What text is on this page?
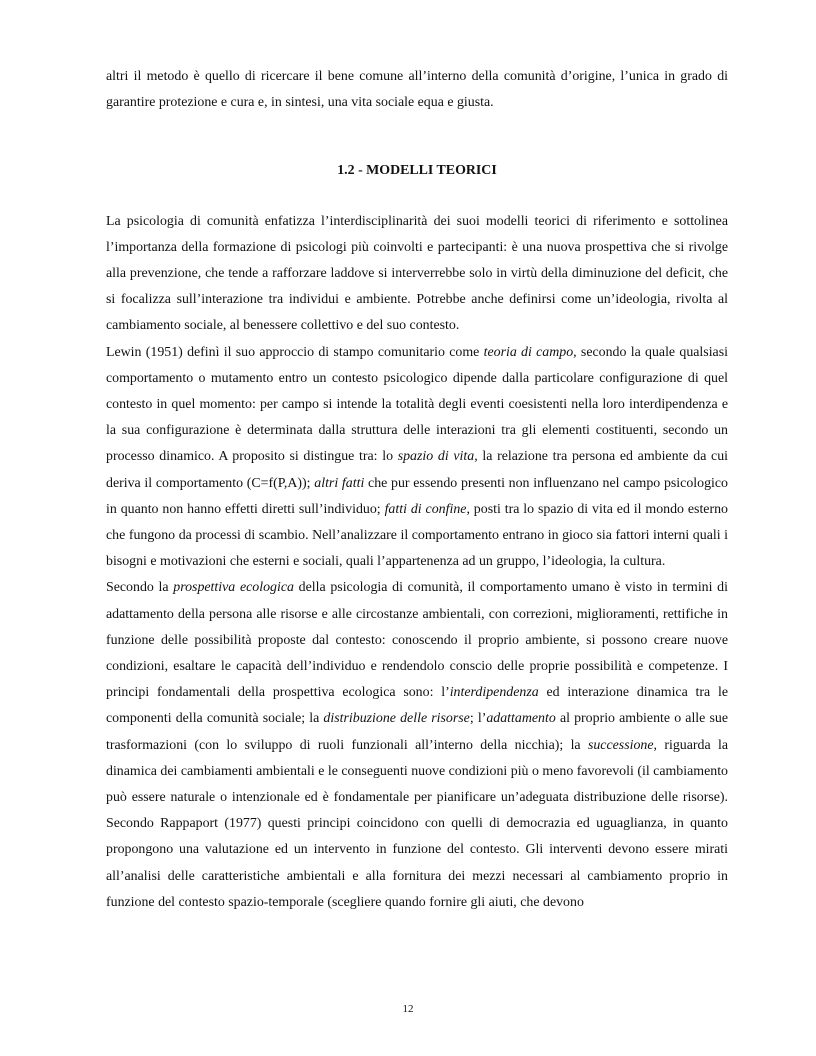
altri il metodo è quello di ricercare il bene comune all’interno della comunità d’origine, l’unica in grado di garantire protezione e cura e, in sintesi, una vita sociale equa e giusta.

1.2 - MODELLI TEORICI

La psicologia di comunità enfatizza l’interdisciplinarità dei suoi modelli teorici di riferimento e sottolinea l’importanza della formazione di psicologi più coinvolti e partecipanti: è una nuova prospettiva che si rivolge alla prevenzione, che tende a rafforzare laddove si interverrebbe solo in virtù della diminuzione del deficit, che si focalizza sull’interazione tra individui e ambiente. Potrebbe anche definirsi come un’ideologia, rivolta al cambiamento sociale, al benessere collettivo e del suo contesto.

Lewin (1951) definì il suo approccio di stampo comunitario come teoria di campo, secondo la quale qualsiasi comportamento o mutamento entro un contesto psicologico dipende dalla particolare configurazione di quel contesto in quel momento: per campo si intende la totalità degli eventi coesistenti nella loro interdipendenza e la sua configurazione è determinata dalla struttura delle interazioni tra gli elementi costituenti, secondo un processo dinamico. A proposito si distingue tra: lo spazio di vita, la relazione tra persona ed ambiente da cui deriva il comportamento (C=f(P,A)); altri fatti che pur essendo presenti non influenzano nel campo psicologico in quanto non hanno effetti diretti sull’individuo; fatti di confine, posti tra lo spazio di vita ed il mondo esterno che fungono da processi di scambio. Nell’analizzare il comportamento entrano in gioco sia fattori interni quali i bisogni e motivazioni che esterni e sociali, quali l’appartenenza ad un gruppo, l’ideologia, la cultura.

Secondo la prospettiva ecologica della psicologia di comunità, il comportamento umano è visto in termini di adattamento della persona alle risorse e alle circostanze ambientali, con correzioni, miglioramenti, rettifiche in funzione delle possibilità proposte dal contesto: conoscendo il proprio ambiente, si possono creare nuove condizioni, esaltare le capacità dell’individuo e rendendolo conscio delle proprie possibilità e competenze. I principi fondamentali della prospettiva ecologica sono: l’interdipendenza ed interazione dinamica tra le componenti della comunità sociale; la distribuzione delle risorse; l’adattamento al proprio ambiente o alle sue trasformazioni (con lo sviluppo di ruoli funzionali all’interno della nicchia); la successione, riguarda la dinamica dei cambiamenti ambientali e le conseguenti nuove condizioni più o meno favorevoli (il cambiamento può essere naturale o intenzionale ed è fondamentale per pianificare un’adeguata distribuzione delle risorse). Secondo Rappaport (1977) questi principi coincidono con quelli di democrazia ed uguaglianza, in quanto propongono una valutazione ed un intervento in funzione del contesto. Gli interventi devono essere mirati all’analisi delle caratteristiche ambientali e alla fornitura dei mezzi necessari al cambiamento proprio in funzione del contesto spazio-temporale (scegliere quando fornire gli aiuti, che devono

12
